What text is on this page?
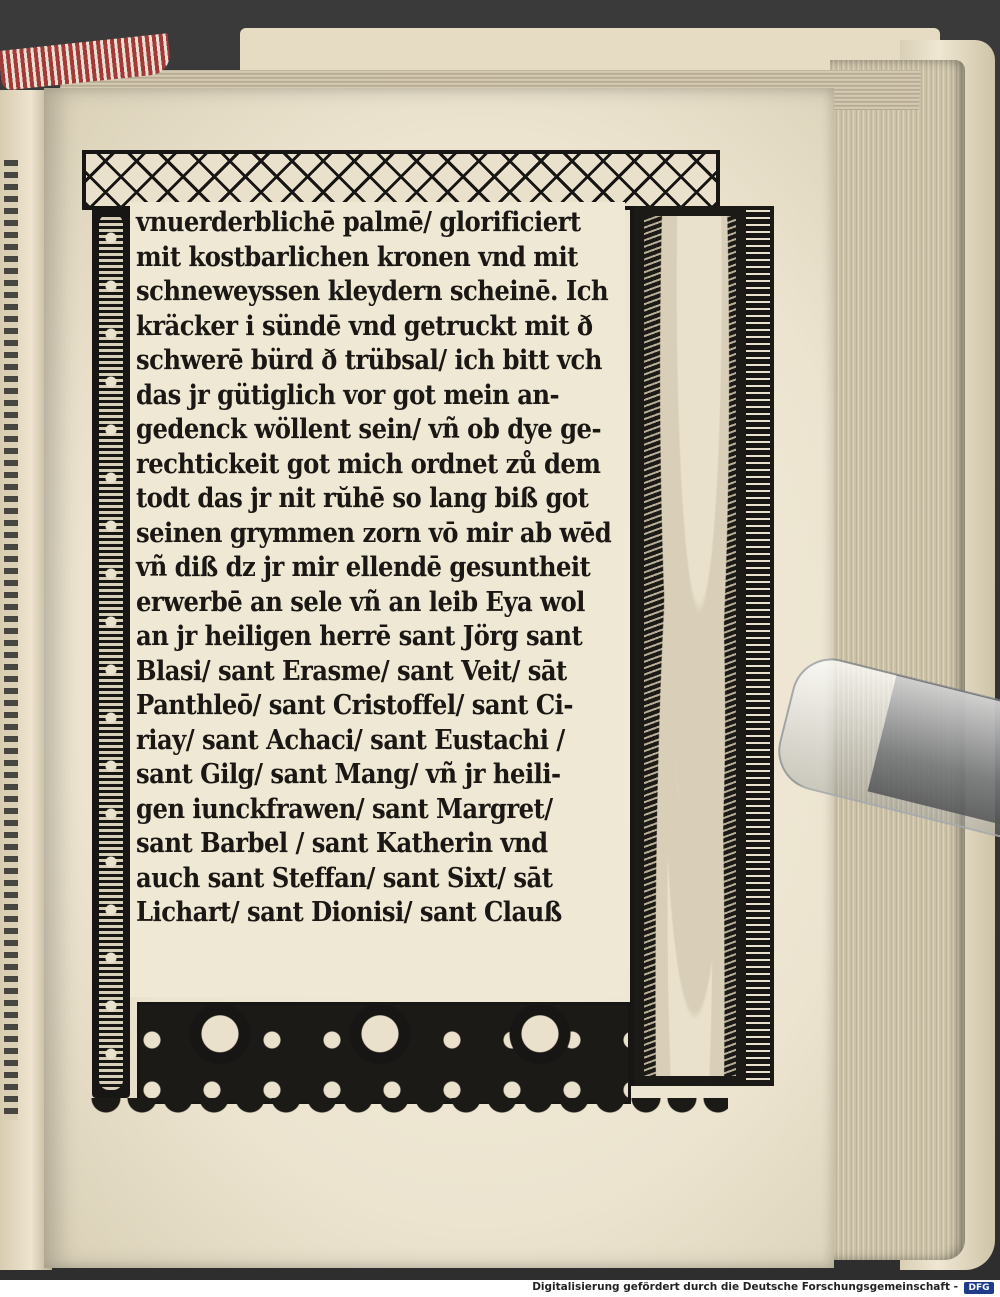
vnuerderblichē palmē/ glorificiert
mit kostbarlichen kronen vnd mit
schneweyssen kleydern scheinē. Ich
kräcker i sündē vnd getruckt mit ð
schwerē bürd ð trübsal/ ich bitt vch
das jr gütiglich vor got mein an-
gedenck wöllent sein/ vñ ob dye ge-
rechtickeit got mich ordnet zů dem
todt das jr nit rŭhē so lang biß got
seinen grymmen zorn vō mir ab wēd
vñ diß dz jr mir ellendē gesuntheit
erwerbē an sele vñ an leib Eya wol
an jr heiligen herrē sant Jörg sant
Blasi/ sant Erasme/ sant Veit/ sāt
Panthleō/ sant Cristoffel/ sant Ci-
riay/ sant Achaci/ sant Eustachi /
sant Gilg/ sant Mang/ vñ jr heili-
gen iunckfrawen/ sant Margret/
sant Barbel / sant Katherin vnd
auch sant Steffan/ sant Sixt/ sāt
Lichart/ sant Dionisi/ sant Clauß
Digitalisierung gefördert durch die Deutsche Forschungsgemeinschaft -	DFG
